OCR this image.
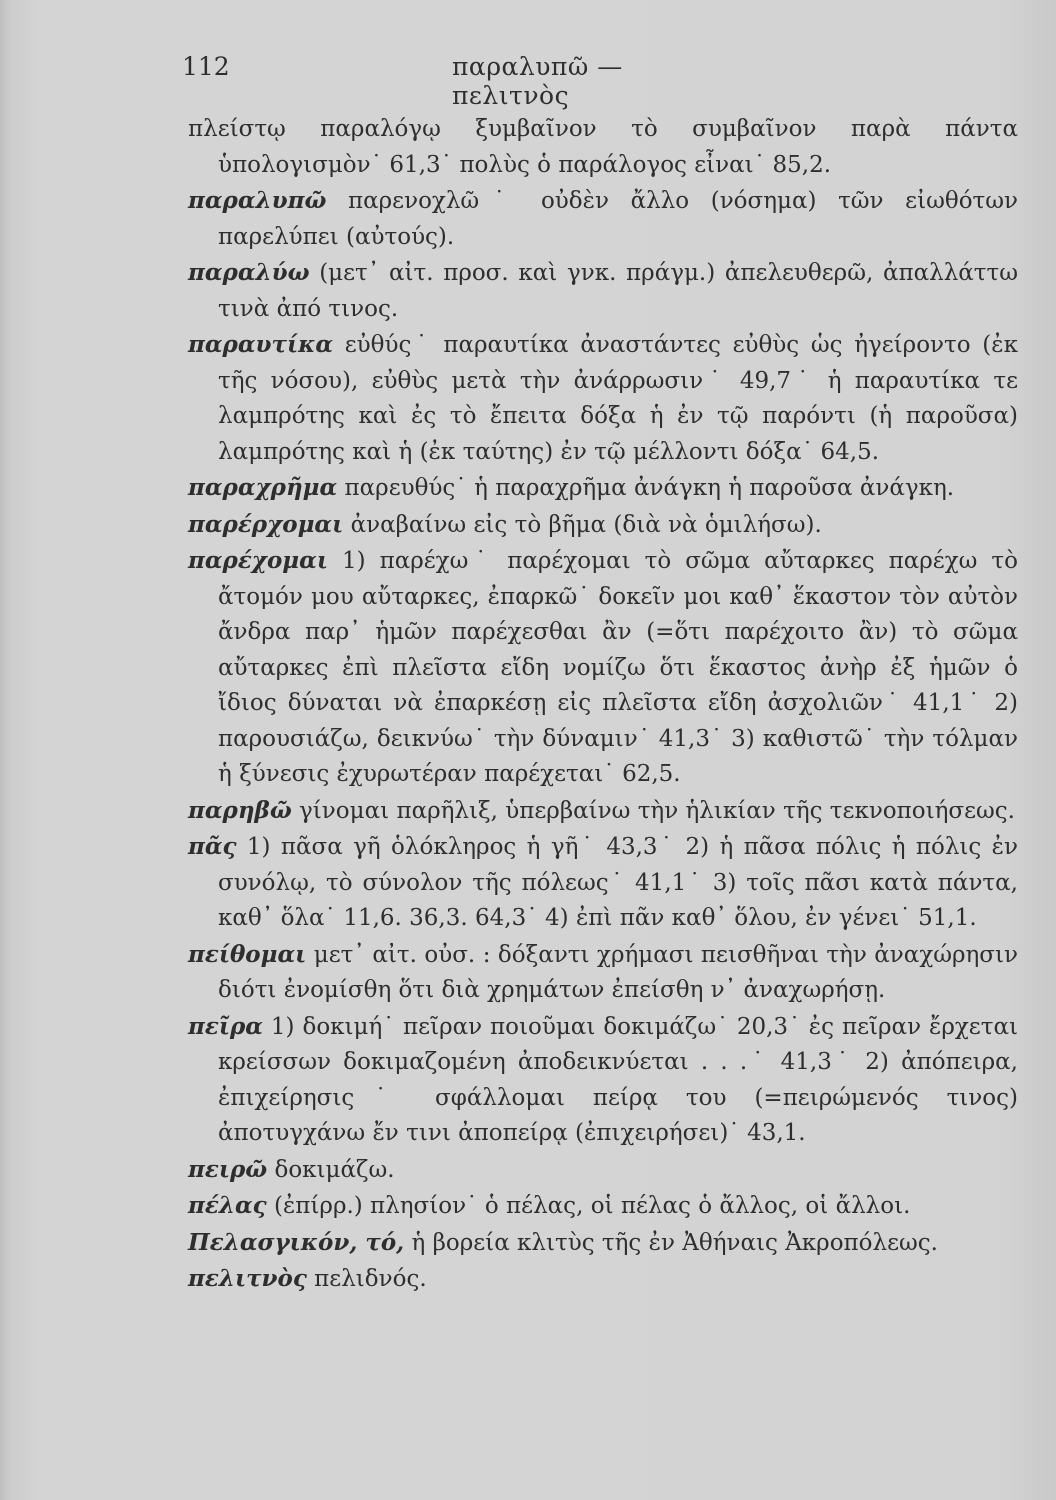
112	παραλυπῶ — πελιτνὸς

πλείστῳ παραλόγῳ ξυμβαῖνον τὸ συμβαῖνον παρὰ πάντα ὑπολογισμὸν˙ 61,3˙ πολὺς ὁ παράλογος εἶναι˙ 85,2.

παραλυπῶ παρενοχλῶ˙ οὐδὲν ἄλλο (νόσημα) τῶν εἰωθότων παρελύπει (αὐτούς).

παραλύω (μετ᾽ αἰτ. προσ. καὶ γνκ. πράγμ.) ἀπελευθερῶ, ἀπαλλάττω τινὰ ἀπό τινος.

παραυτίκα εὐθύς˙ παραυτίκα ἀναστάντες εὐθὺς ὡς ἠγείροντο (ἐκ τῆς νόσου), εὐθὺς μετὰ τὴν ἀνάρρωσιν˙ 49,7˙ ἡ παραυτίκα τε λαμπρότης καὶ ἐς τὸ ἔπειτα δόξα ἡ ἐν τῷ παρόντι (ἡ παροῦσα) λαμπρότης καὶ ἡ (ἐκ ταύτης) ἐν τῷ μέλλοντι δόξα˙ 64,5.

παραχρῆμα παρευθύς˙ ἡ παραχρῆμα ἀνάγκη ἡ παροῦσα ἀνάγκη.

παρέρχομαι ἀναβαίνω εἰς τὸ βῆμα (διὰ νὰ ὁμιλήσω).

παρέχομαι 1) παρέχω˙ παρέχομαι τὸ σῶμα αὔταρκες παρέχω τὸ ἄτομόν μου αὔταρκες, ἐπαρκῶ˙ δοκεῖν μοι καθ᾽ ἕκαστον τὸν αὐτὸν ἄνδρα παρ᾽ ἡμῶν παρέχεσθαι ἂν (=ὅτι παρέχοιτο ἂν) τὸ σῶμα αὔταρκες ἐπὶ πλεῖστα εἴδη νομίζω ὅτι ἕκαστος ἀνὴρ ἐξ ἡμῶν ὁ ἴδιος δύναται νὰ ἐπαρκέσῃ εἰς πλεῖστα εἴδη ἀσχολιῶν˙ 41,1˙ 2) παρουσιάζω, δεικνύω˙ τὴν δύναμιν˙ 41,3˙ 3) καθιστῶ˙ τὴν τόλμαν ἡ ξύνεσις ἐχυρωτέραν παρέχεται˙ 62,5.

παρηβῶ γίνομαι παρῆλιξ, ὑπερβαίνω τὴν ἡλικίαν τῆς τεκνοποιήσεως.

πᾶς 1) πᾶσα γῆ ὁλόκληρος ἡ γῆ˙ 43,3˙ 2) ἡ πᾶσα πόλις ἡ πόλις ἐν συνόλῳ, τὸ σύνολον τῆς πόλεως˙ 41,1˙ 3) τοῖς πᾶσι κατὰ πάντα, καθ᾽ ὅλα˙ 11,6. 36,3. 64,3˙ 4) ἐπὶ πᾶν καθ᾽ ὅλου, ἐν γένει˙ 51,1.

πείθομαι μετ᾽ αἰτ. οὐσ. : δόξαντι χρήμασι πεισθῆναι τὴν ἀναχώρησιν διότι ἐνομίσθη ὅτι διὰ χρημάτων ἐπείσθη ν᾽ ἀναχωρήσῃ.

πεῖρα 1) δοκιμή˙ πεῖραν ποιοῦμαι δοκιμάζω˙ 20,3˙ ἐς πεῖραν ἔρχεται κρείσσων δοκιμαζομένη ἀποδεικνύεται . . .˙ 41,3˙ 2) ἀπόπειρα, ἐπιχείρησις˙ σφάλλομαι πείρᾳ του (=πειρώμενός τινος) ἀποτυγχάνω ἔν τινι ἀποπείρᾳ (ἐπιχειρήσει)˙ 43,1.

πειρῶ δοκιμάζω.

πέλας (ἐπίρρ.) πλησίον˙ ὁ πέλας, οἱ πέλας ὁ ἄλλος, οἱ ἄλλοι.

Πελασγικόν, τό, ἡ βορεία κλιτὺς τῆς ἐν Ἀθήναις Ἀκροπόλεως.

πελιτνὸς πελιδνός.
